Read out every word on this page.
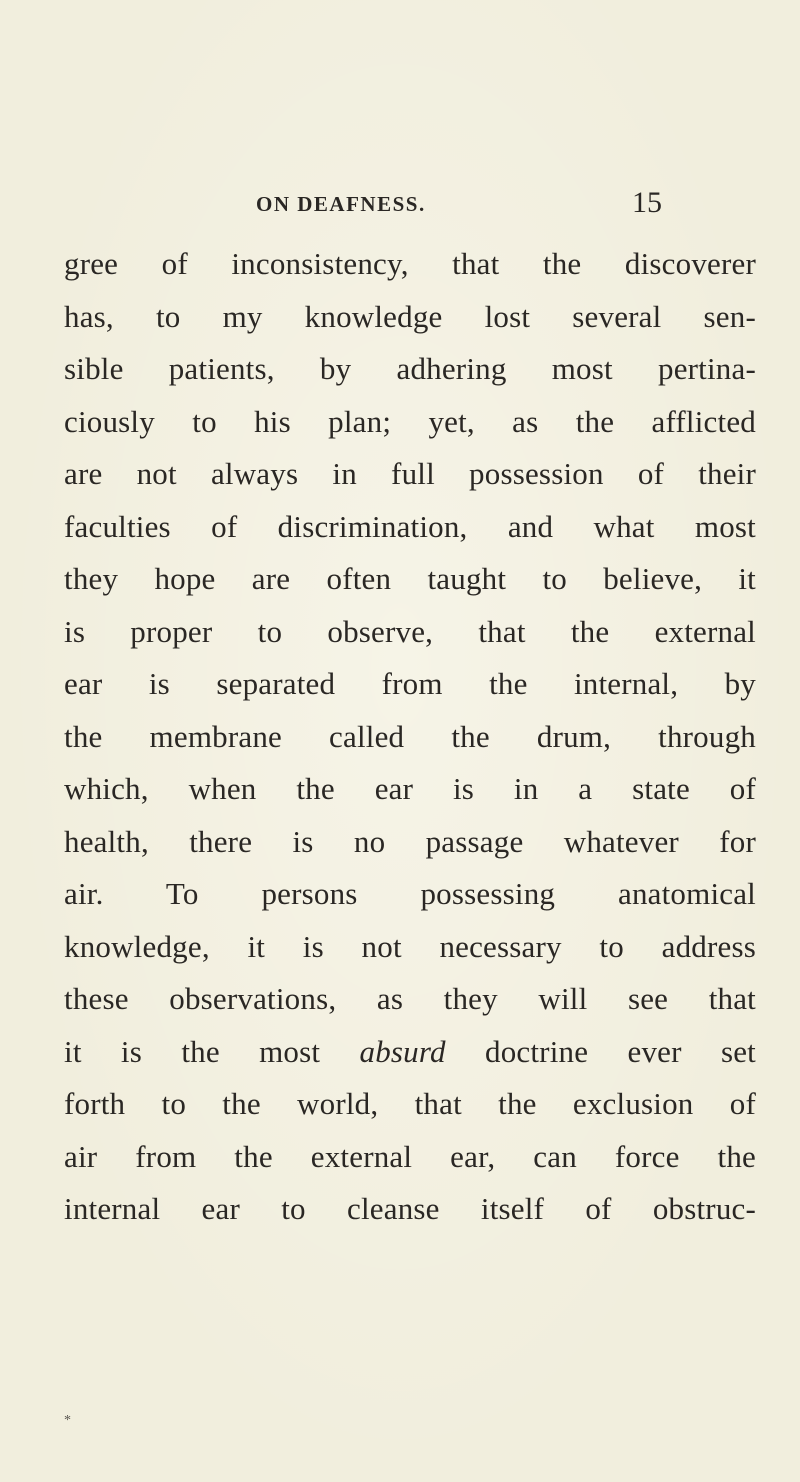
ON DEAFNESS.	15
gree of inconsistency, that the discoverer
has, to my knowledge lost several sen-
sible patients, by adhering most pertina-
ciously to his plan; yet, as the afflicted
are not always in full possession of their
faculties of discrimination, and what most
they hope are often taught to believe, it
is proper to observe, that the external
ear is separated from the internal, by
the membrane called the drum, through
which, when the ear is in a state of
health, there is no passage whatever for
air. To persons possessing anatomical
knowledge, it is not necessary to address
these observations, as they will see that
it is the most absurd doctrine ever set
forth to the world, that the exclusion of
air from the external ear, can force the
internal ear to cleanse itself of obstruc-
*
